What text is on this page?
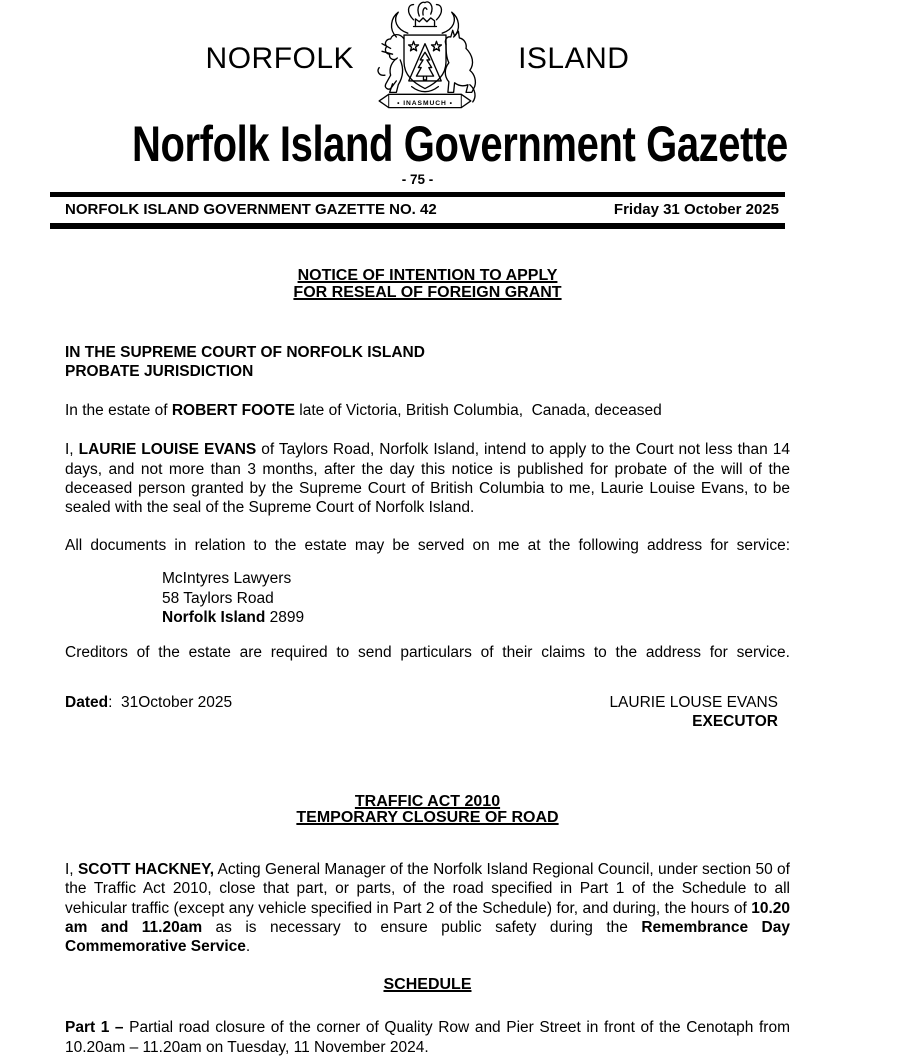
NORFOLK
• INASMUCH •
ISLAND
Norfolk Island Government Gazette
- 75 -
NORFOLK ISLAND GOVERNMENT GAZETTE NO. 42	Friday 31 October 2025
NOTICE OF INTENTION TO APPLY
FOR RESEAL OF FOREIGN GRANT
IN THE SUPREME COURT OF NORFOLK ISLAND
PROBATE JURISDICTION

In the estate of ROBERT FOOTE late of Victoria, British Columbia,  Canada, deceased

I, LAURIE LOUISE EVANS of Taylors Road, Norfolk Island, intend to apply to the Court not less than 14 days, and not more than 3 months, after the day this notice is published for probate of the will of the deceased person granted by the Supreme Court of British Columbia to me, Laurie Louise Evans, to be sealed with the seal of the Supreme Court of Norfolk Island.

All documents in relation to the estate may be served on me at the following address for service:

McIntyres Lawyers
58 Taylors Road
Norfolk Island 2899

Creditors of the estate are required to send particulars of their claims to the address for service.

Dated:  31October 2025	LAURIE LOUSE EVANS
EXECUTOR
TRAFFIC ACT 2010
TEMPORARY CLOSURE OF ROAD

I, SCOTT HACKNEY, Acting General Manager of the Norfolk Island Regional Council, under section 50 of the Traffic Act 2010, close that part, or parts, of the road specified in Part 1 of the Schedule to all vehicular traffic (except any vehicle specified in Part 2 of the Schedule) for, and during, the hours of 10.20 am and 11.20am as is necessary to ensure public safety during the Remembrance Day Commemorative Service.

SCHEDULE

Part 1 – Partial road closure of the corner of Quality Row and Pier Street in front of the Cenotaph from 10.20am – 11.20am on Tuesday, 11 November 2024.
